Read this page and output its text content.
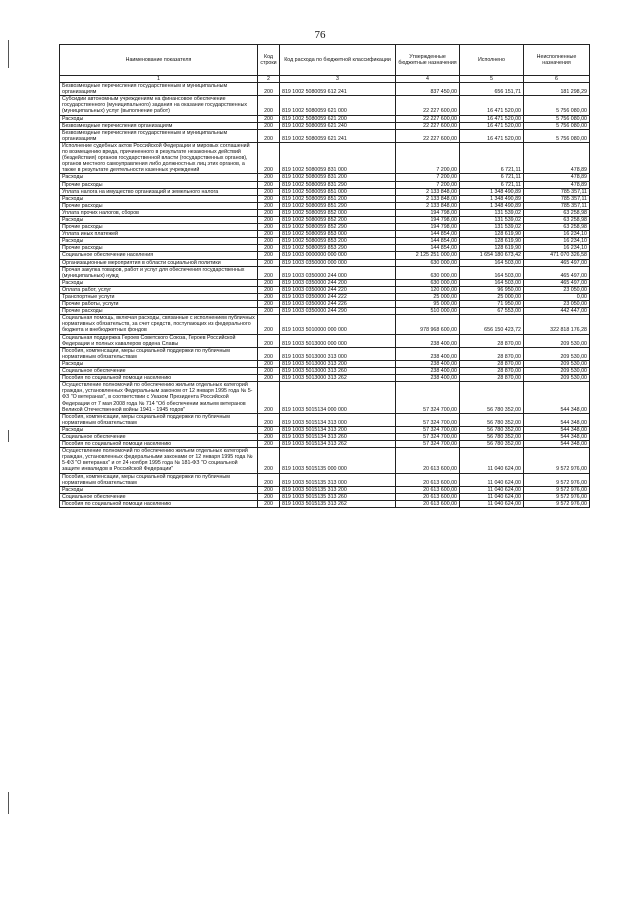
76
Наименование показателя	Код строки	Код расхода по бюджетной классификации	Утвержденные бюджетные назначения	Исполнено	Неисполненные назначения
1	2	3	4	5	6
Безвозмездные перечисления государственным и муниципальным организациям	200	819 1002 5080059 612 241	837 450,00	656 151,71	181 298,29
Субсидии автономным учреждениям на финансовое обеспечение государственного (муниципального) задания на оказание государственных (муниципальных) услуг (выполнение работ)	200	819 1002 5080059 621 000	22 227 600,00	16 471 520,00	5 756 080,00
Расходы	200	819 1002 5080059 621 200	22 227 600,00	16 471 520,00	5 756 080,00
Безвозмездные перечисления организациям	200	819 1002 5080059 621 240	22 227 600,00	16 471 520,00	5 756 080,00
Безвозмездные перечисления государственным и муниципальным организациям	200	819 1002 5080059 621 241	22 227 600,00	16 471 520,00	5 756 080,00
Исполнение судебных актов Российской Федерации и мировых соглашений по возмещению вреда, причиненного в результате незаконных действий (бездействия) органов государственной власти (государственных органов), органов местного самоуправления либо должностных лиц этих органов, а также в результате деятельности казенных учреждений	200	819 1002 5080059 831 000	7 200,00	6 721,11	478,89
Расходы	200	819 1002 5080059 831 200	7 200,00	6 721,11	478,89
Прочие расходы	200	819 1002 5080059 831 290	7 200,00	6 721,11	478,89
Уплата налога на имущество организаций и земельного налога	200	819 1002 5080059 851 000	2 133 848,00	1 348 490,89	785 357,11
Расходы	200	819 1002 5080059 851 200	2 133 848,00	1 348 490,89	785 357,11
Прочие расходы	200	819 1002 5080059 851 290	2 133 848,00	1 348 490,89	785 357,11
Уплата прочих налогов, сборов	200	819 1002 5080059 852 000	194 798,00	131 539,02	63 258,98
Расходы	200	819 1002 5080059 852 200	194 798,00	131 539,02	63 258,98
Прочие расходы	200	819 1002 5080059 852 290	194 798,00	131 539,02	63 258,98
Уплата иных платежей	200	819 1002 5080059 853 000	144 854,00	128 619,90	16 234,10
Расходы	200	819 1002 5080059 853 200	144 854,00	128 619,90	16 234,10
Прочие расходы	200	819 1002 5080059 853 290	144 854,00	128 619,90	16 234,10
Социальное обеспечение населения	200	819 1003 0000000 000 000	2 125 251 000,00	1 654 180 673,42	471 070 326,58
Организационные мероприятия в области социальной политики	200	819 1003 0350000 000 000	630 000,00	164 503,00	465 497,00
Прочая закупка товаров, работ и услуг для обеспечения государственных (муниципальных) нужд	200	819 1003 0350000 244 000	630 000,00	164 503,00	465 497,00
Расходы	200	819 1003 0350000 244 200	630 000,00	164 503,00	465 497,00
Оплата работ, услуг	200	819 1003 0350000 244 220	120 000,00	96 950,00	23 050,00
Транспортные услуги	200	819 1003 0350000 244 222	25 000,00	25 000,00	0,00
Прочие работы, услуги	200	819 1003 0350000 244 226	95 000,00	71 950,00	23 050,00
Прочие расходы	200	819 1003 0350000 244 290	510 000,00	67 553,00	442 447,00
Социальная помощь, включая расходы, связанные с исполнением публичных нормативных обязательств, за счет средств, поступающих из федерального бюджета и внебюджетных фондов	200	819 1003 5010000 000 000	978 968 600,00	656 150 423,72	322 818 176,28
Социальная поддержка Героев Советского Союза, Героев Российской Федерации и полных кавалеров ордена Славы	200	819 1003 5013000 000 000	238 400,00	28 870,00	209 530,00
Пособия, компенсации, меры социальной поддержки по публичным нормативным обязательствам	200	819 1003 5013000 313 000	238 400,00	28 870,00	209 530,00
Расходы	200	819 1003 5013000 313 200	238 400,00	28 870,00	209 530,00
Социальное обеспечение	200	819 1003 5013000 313 260	238 400,00	28 870,00	209 530,00
Пособия по социальной помощи населению	200	819 1003 5013000 313 262	238 400,00	28 870,00	209 530,00
Осуществление полномочий по обеспечению жильем отдельных категорий граждан, установленных Федеральным законом от 12 января 1995 года № 5-ФЗ "О ветеранах", в соответствии с Указом Президента Российской Федерации от 7 мая 2008 года № 714 "Об обеспечении жильем ветеранов Великой Отечественной войны 1941 - 1945 годов"	200	819 1003 5015134 000 000	57 324 700,00	56 780 352,00	544 348,00
Пособия, компенсации, меры социальной поддержки по публичным нормативным обязательствам	200	819 1003 5015134 313 000	57 324 700,00	56 780 352,00	544 348,00
Расходы	200	819 1003 5015134 313 200	57 324 700,00	56 780 352,00	544 348,00
Социальное обеспечение	200	819 1003 5015134 313 260	57 324 700,00	56 780 352,00	544 348,00
Пособия по социальной помощи населению	200	819 1003 5015134 313 262	57 324 700,00	56 780 352,00	544 348,00
Осуществление полномочий по обеспечению жильем отдельных категорий граждан, установленных федеральными законами от 12 января 1995 года № 5-ФЗ "О ветеранах" и от 24 ноября 1995 года № 181-ФЗ "О социальной защите инвалидов в Российской Федерации"	200	819 1003 5015135 000 000	20 613 600,00	11 040 624,00	9 572 976,00
Пособия, компенсации, меры социальной поддержки по публичным нормативным обязательствам	200	819 1003 5015135 313 000	20 613 600,00	11 040 624,00	9 572 976,00
Расходы	200	819 1003 5015135 313 200	20 613 600,00	11 040 624,00	9 572 976,00
Социальное обеспечение	200	819 1003 5015135 313 260	20 613 600,00	11 040 624,00	9 572 976,00
Пособия по социальной помощи населению	200	819 1003 5015135 313 262	20 613 600,00	11 040 624,00	9 572 976,00
